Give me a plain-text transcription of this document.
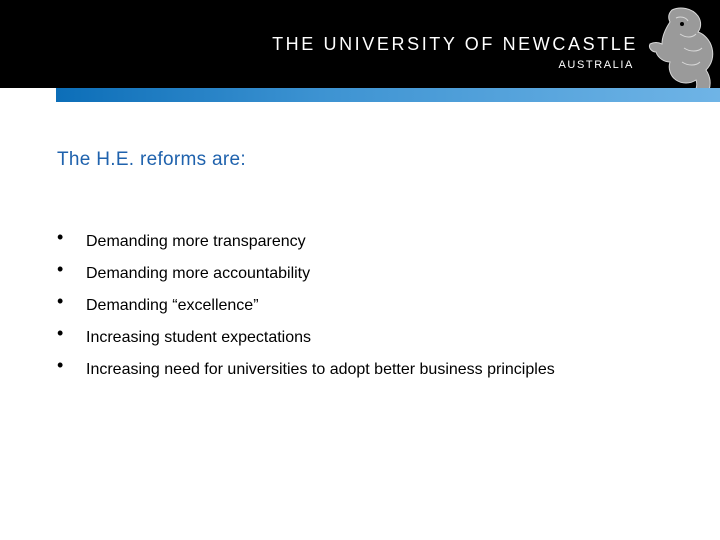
THE UNIVERSITY OF NEWCASTLE
AUSTRALIA
The H.E. reforms are:
• Demanding more transparency
• Demanding more accountability
• Demanding “excellence”
• Increasing student expectations
• Increasing need for universities to adopt better business principles
